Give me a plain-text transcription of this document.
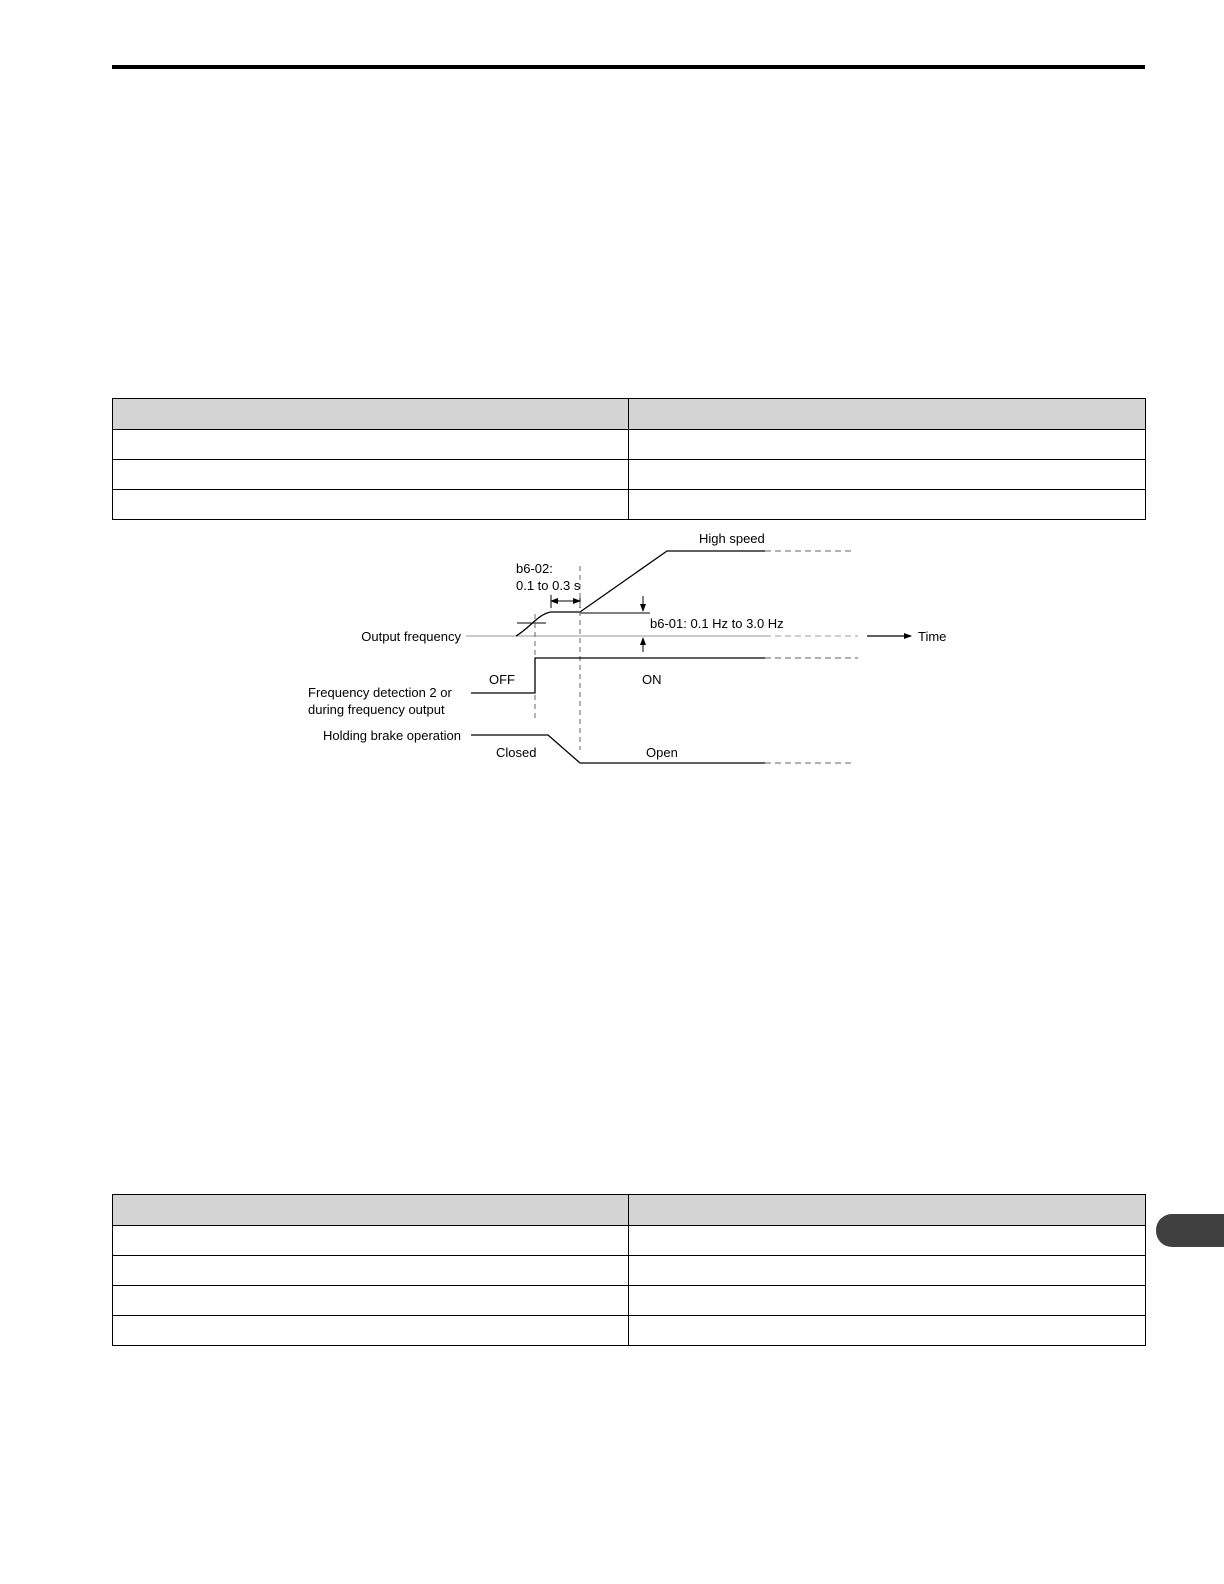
High speed
b6-02:
0.1 to 0.3 s
b6-01: 0.1 Hz to 3.0 Hz
Output frequency	Time
OFF	ON
Frequency detection 2 or
during frequency output
Holding brake operation
Closed	Open
